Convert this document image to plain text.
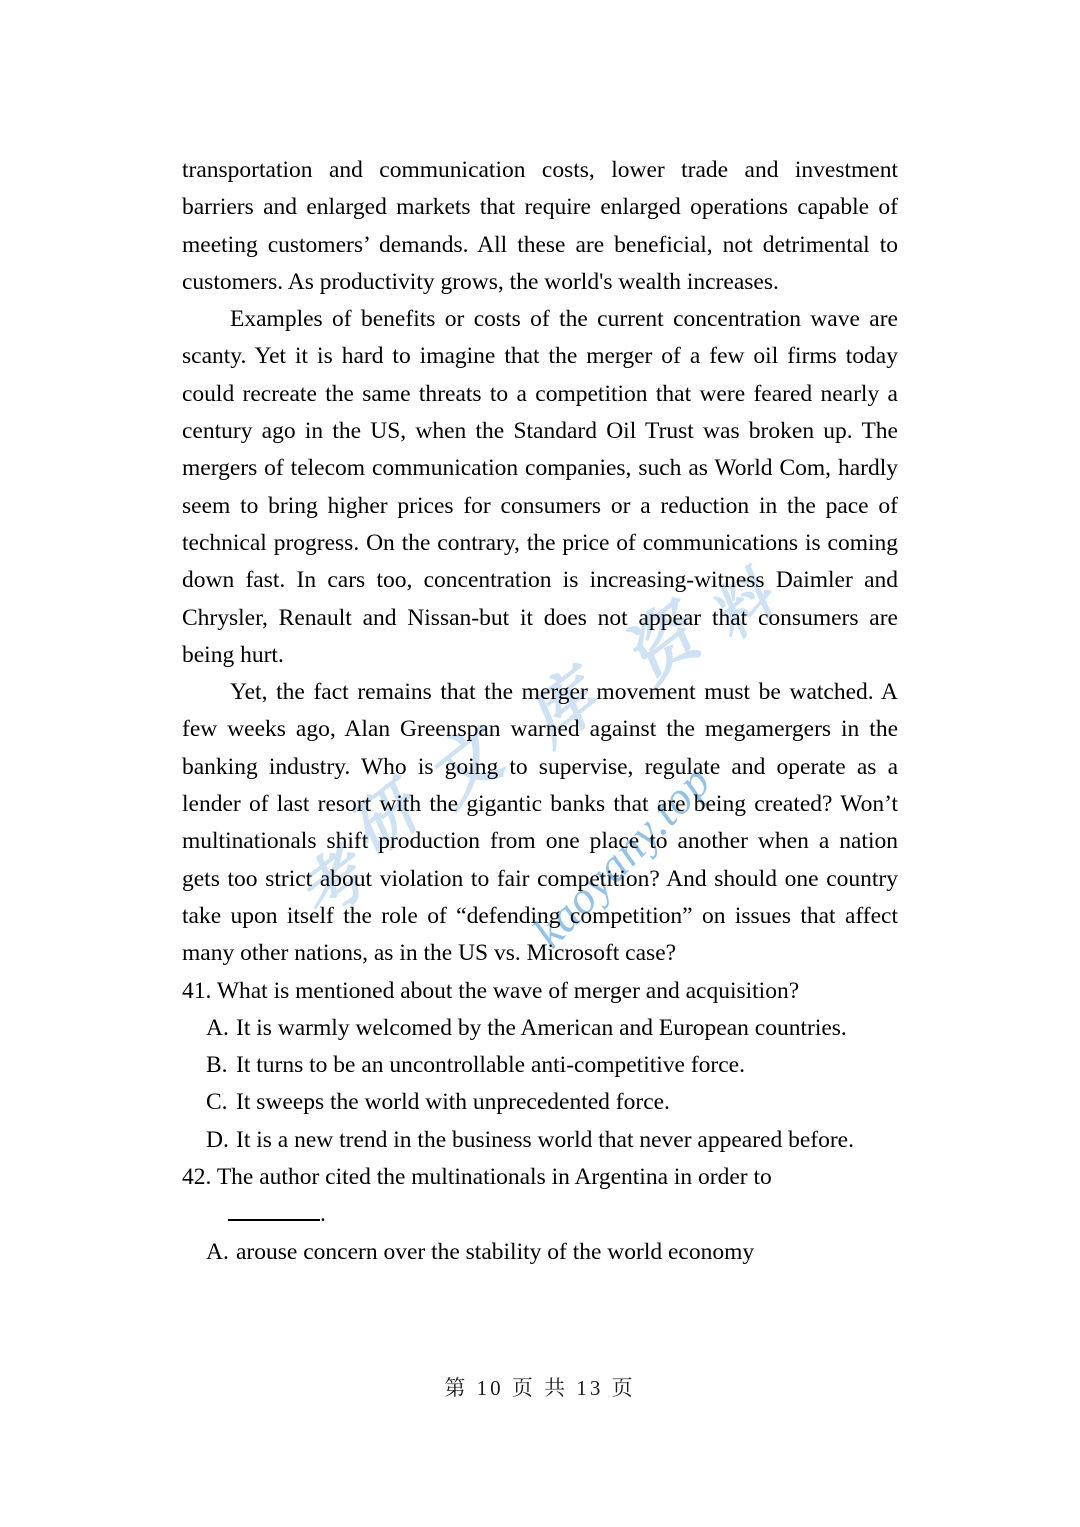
考
研
文
库
资
料
kaoyany.top

transportation and communication costs, lower trade and investment barriers and enlarged markets that require enlarged operations capable of meeting customers’ demands. All these are beneficial, not detrimental to customers. As productivity grows, the world's wealth increases.

Examples of benefits or costs of the current concentration wave are scanty. Yet it is hard to imagine that the merger of a few oil firms today could recreate the same threats to a competition that were feared nearly a century ago in the US, when the Standard Oil Trust was broken up. The mergers of telecom communication companies, such as World Com, hardly seem to bring higher prices for consumers or a reduction in the pace of technical progress. On the contrary, the price of communications is coming down fast. In cars too, concentration is increasing-witness Daimler and Chrysler, Renault and Nissan-but it does not appear that consumers are being hurt.

Yet, the fact remains that the merger movement must be watched. A few weeks ago, Alan Greenspan warned against the megamergers in the banking industry. Who is going to supervise, regulate and operate as a lender of last resort with the gigantic banks that are being created? Won’t multinationals shift production from one place to another when a nation gets too strict about violation to fair competition? And should one country take upon itself the role of “defending competition” on issues that affect many other nations, as in the US vs. Microsoft case?

41. What is mentioned about the wave of merger and acquisition?

A. It is warmly welcomed by the American and European countries.
B. It turns to be an uncontrollable anti-competitive force.
C. It sweeps the world with unprecedented force.
D. It is a new trend in the business world that never appeared before.

42. The author cited the multinationals in Argentina in order to

.

A. arouse concern over the stability of the world economy
第 10 页 共 13 页
